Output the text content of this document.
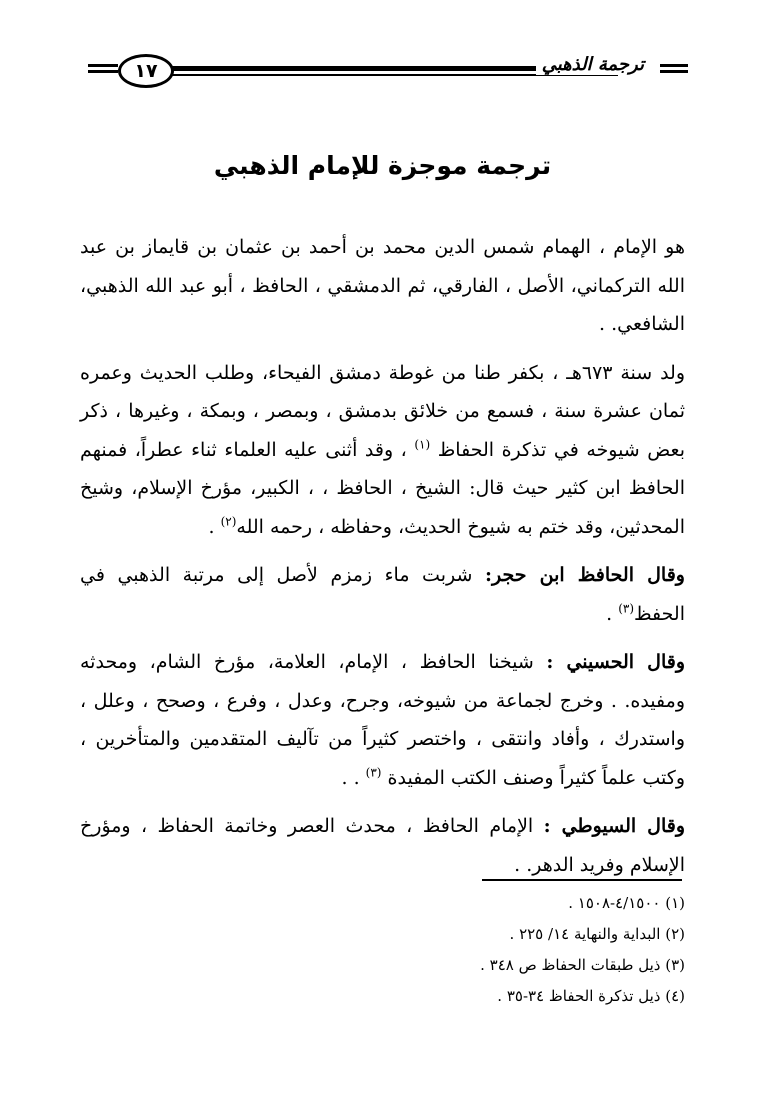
١٧	ترجمة الذهبي
ترجمة موجزة للإمام الذهبي

هو الإمام ، الهمام شمس الدين محمد بن أحمد بن عثمان بن قايماز بن عبد الله التركماني، الأصل ، الفارقي، ثم الدمشقي ، الحافظ ، أبو عبد الله الذهبي، الشافعي. .

ولد سنة ٦٧٣هـ ، بكفر طنا من غوطة دمشق الفيحاء، وطلب الحديث وعمره ثمان عشرة سنة ، فسمع من خلائق بدمشق ، وبمصر ، وبمكة ، وغيرها ، ذكر بعض شيوخه في تذكرة الحفاظ $^{(١)}$ ، وقد أثنى عليه العلماء ثناء عطراً، فمنهم الحافظ ابن كثير حيث قال: الشيخ ، الحافظ ، ، الكبير، مؤرخ الإسلام، وشيخ المحدثين، وقد ختم به شيوخ الحديث، وحفاظه ، رحمه الله$^{(٢)}$ .

وقال الحافظ ابن حجر: شربت ماء زمزم لأصل إلى مرتبة الذهبي في الحفظ$^{(٣)}$ .

وقال الحسيني : شيخنا الحافظ ، الإمام، العلامة، مؤرخ الشام، ومحدثه ومفيده. . وخرج لجماعة من شيوخه، وجرح، وعدل ، وفرع ، وصحح ، وعلل ، واستدرك ، وأفاد وانتقى ، واختصر كثيراً من تآليف المتقدمين والمتأخرين ، وكتب علماً كثيراً وصنف الكتب المفيدة $^{(٣)}$ . .

وقال السيوطي : الإمام الحافظ ، محدث العصر وخاتمة الحفاظ ، ومؤرخ الإسلام وفريد الدهر. .

(١) ٤/١٥٠٠-١٥٠٨ .
(٢) البداية والنهاية ١٤/ ٢٢٥ .
(٣) ذيل طبقات الحفاظ ص ٣٤٨ .
(٤) ذيل تذكرة الحفاظ ٣٤-٣٥ .
